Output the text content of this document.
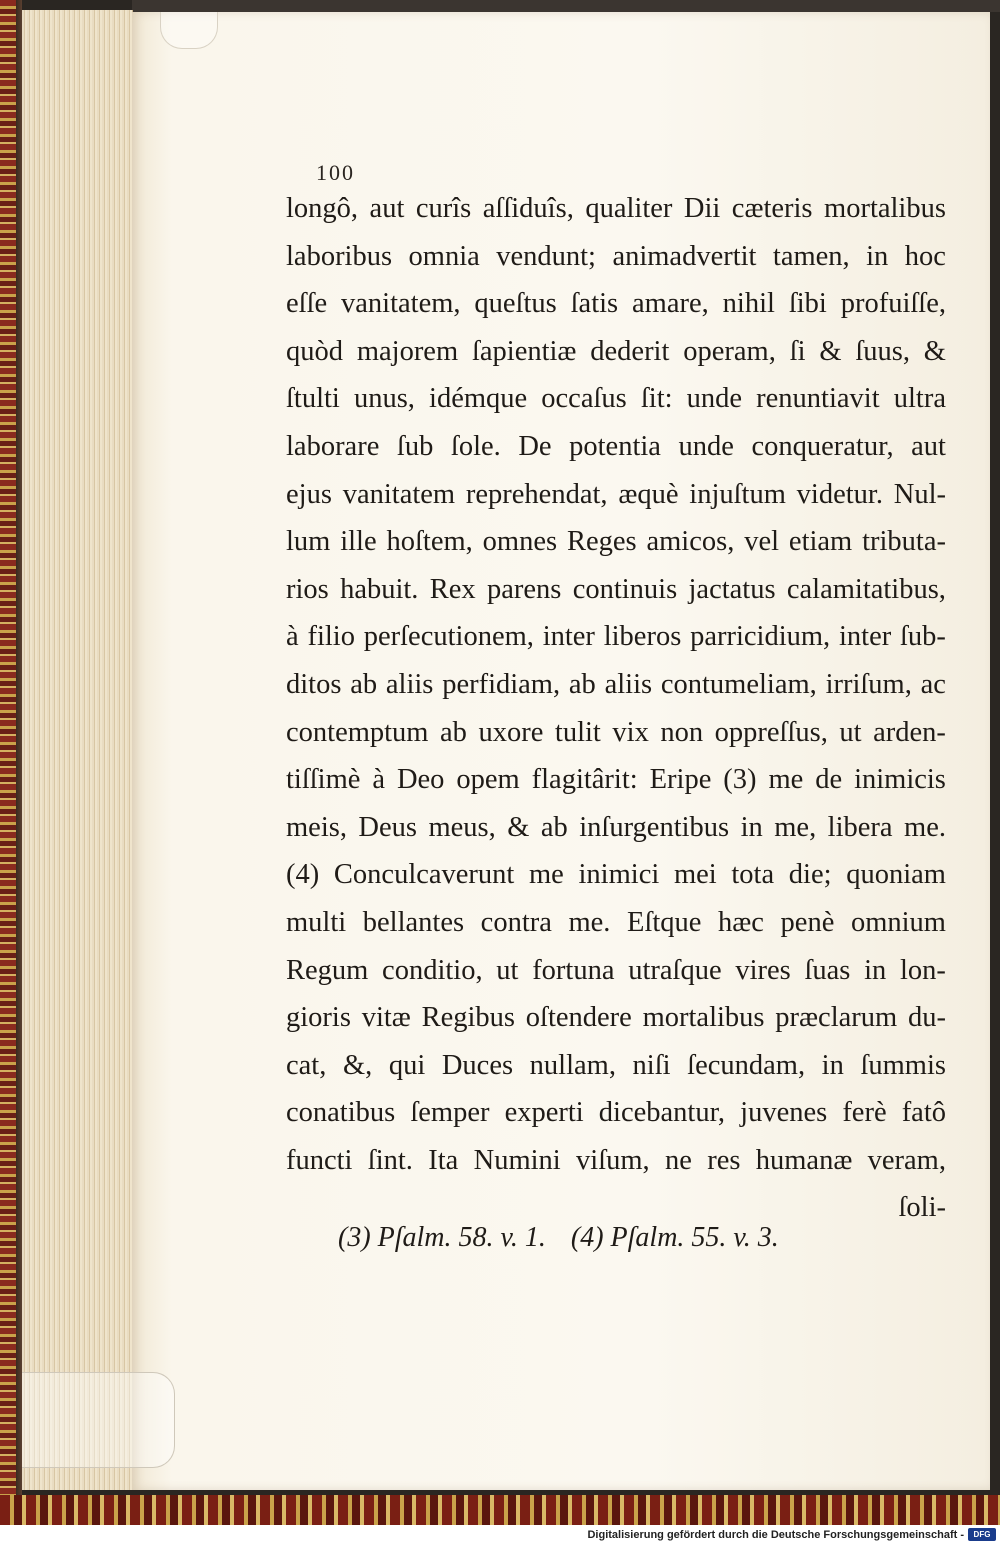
100
longô, aut curîs aſſiduîs, qualiter Dii cæteris mortalibus
laboribus omnia vendunt; animadvertit tamen, in hoc
eſſe vanitatem, queſtus ſatis amare, nihil ſibi profuiſſe,
quòd majorem ſapientiæ dederit operam, ſi & ſuus, &
ſtulti unus, idémque occaſus ſit: unde renuntiavit ultra
laborare ſub ſole. De potentia unde conqueratur, aut
ejus vanitatem reprehendat, æquè injuſtum videtur. Nul-
lum ille hoſtem, omnes Reges amicos, vel etiam tributa-
rios habuit. Rex parens continuis jactatus calamitatibus,
à filio perſecutionem, inter liberos parricidium, inter ſub-
ditos ab aliis perfidiam, ab aliis contumeliam, irriſum, ac
contemptum ab uxore tulit vix non oppreſſus, ut arden-
tiſſimè à Deo opem flagitârit: Eripe (3) me de inimicis
meis, Deus meus, & ab inſurgentibus in me, libera me.
(4) Conculcaverunt me inimici mei tota die; quoniam
multi bellantes contra me. Eſtque hæc penè omnium
Regum conditio, ut fortuna utraſque vires ſuas in lon-
gioris vitæ Regibus oſtendere mortalibus præclarum du-
cat, &, qui Duces nullam, niſi ſecundam, in ſummis
conatibus ſemper experti dicebantur, juvenes ferè fatô
functi ſint. Ita Numini viſum, ne res humanæ veram,
ſoli-
(3) Pſalm. 58. v. 1. (4) Pſalm. 55. v. 3.
Digitalisierung gefördert durch die Deutsche Forschungsgemeinschaft -	DFG
